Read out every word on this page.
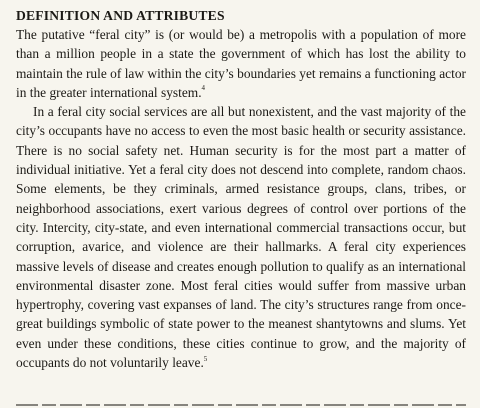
DEFINITION AND ATTRIBUTES

The putative “feral city” is (or would be) a metropolis with a population of more than a million people in a state the government of which has lost the ability to maintain the rule of law within the city’s boundaries yet remains a functioning actor in the greater international system.$^4$

In a feral city social services are all but nonexistent, and the vast majority of the city’s occupants have no access to even the most basic health or security assistance. There is no social safety net. Human security is for the most part a matter of individual initiative. Yet a feral city does not descend into complete, random chaos. Some elements, be they criminals, armed resistance groups, clans, tribes, or neighborhood associations, exert various degrees of control over portions of the city. Intercity, city-state, and even international commercial transactions occur, but corruption, avarice, and violence are their hallmarks. A feral city experiences massive levels of disease and creates enough pollution to qualify as an international environmental disaster zone. Most feral cities would suffer from massive urban hypertrophy, covering vast expanses of land. The city’s structures range from once-great buildings symbolic of state power to the meanest shantytowns and slums. Yet even under these conditions, these cities continue to grow, and the majority of occupants do not voluntarily leave.$^5$
